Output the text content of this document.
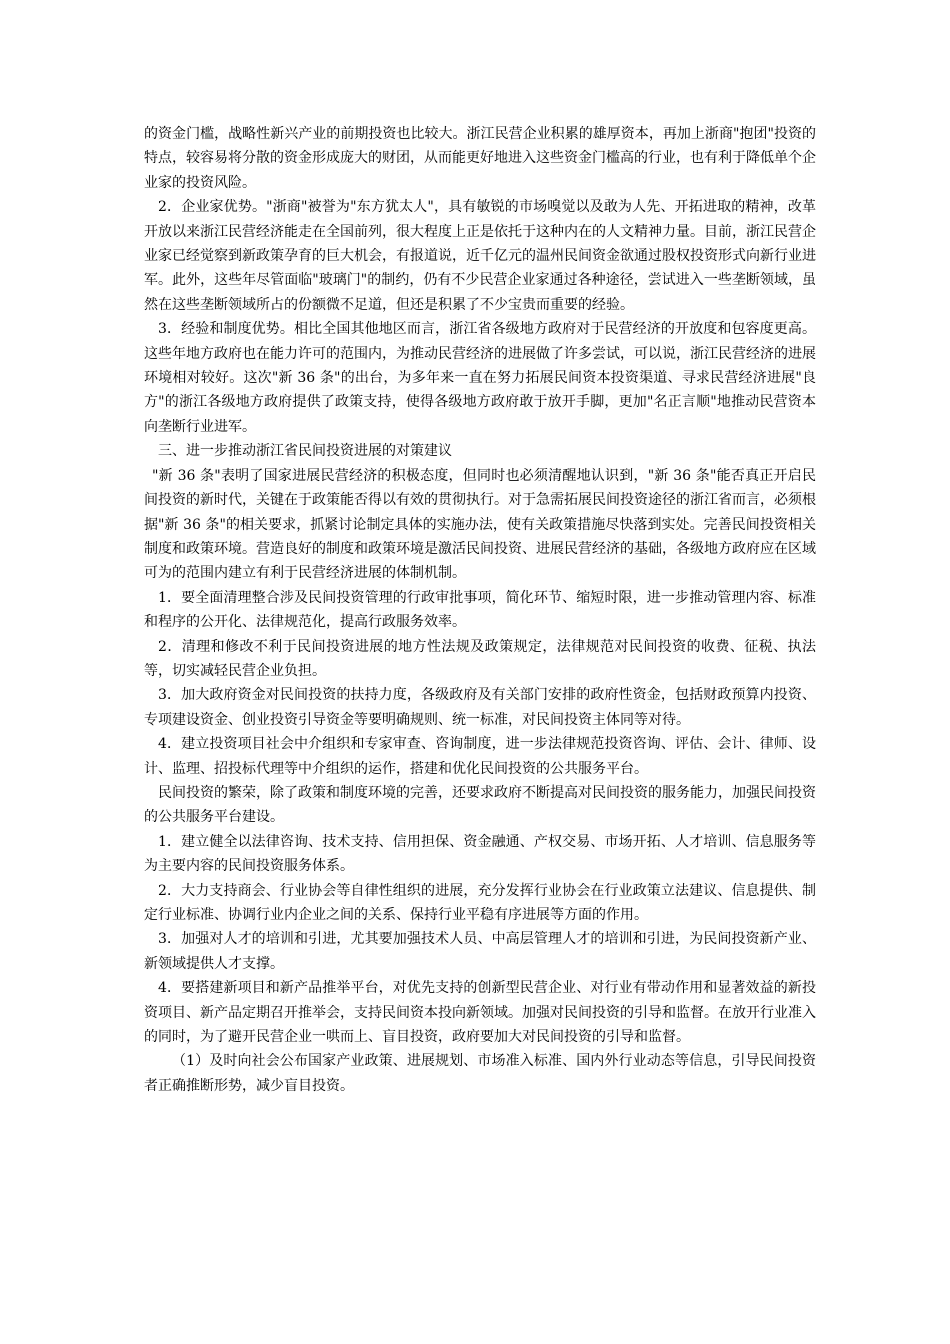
的资金门槛，战略性新兴产业的前期投资也比较大。浙江民营企业积累的雄厚资本，再加上浙商"抱团"投资的特点，较容易将分散的资金形成庞大的财团，从而能更好地进入这些资金门槛高的行业，也有利于降低单个企业家的投资风险。

2．企业家优势。"浙商"被誉为"东方犹太人"，具有敏锐的市场嗅觉以及敢为人先、开拓进取的精神，改革开放以来浙江民营经济能走在全国前列，很大程度上正是依托于这种内在的人文精神力量。目前，浙江民营企业家已经觉察到新政策孕育的巨大机会，有报道说，近千亿元的温州民间资金欲通过股权投资形式向新行业进军。此外，这些年尽管面临"玻璃门"的制约，仍有不少民营企业家通过各种途径，尝试进入一些垄断领域，虽然在这些垄断领域所占的份额微不足道，但还是积累了不少宝贵而重要的经验。

3．经验和制度优势。相比全国其他地区而言，浙江省各级地方政府对于民营经济的开放度和包容度更高。这些年地方政府也在能力许可的范围内，为推动民营经济的进展做了许多尝试，可以说，浙江民营经济的进展环境相对较好。这次"新 36 条"的出台，为多年来一直在努力拓展民间资本投资渠道、寻求民营经济进展"良方"的浙江各级地方政府提供了政策支持，使得各级地方政府敢于放开手脚，更加"名正言顺"地推动民营资本向垄断行业进军。

三、进一步推动浙江省民间投资进展的对策建议

"新 36 条"表明了国家进展民营经济的积极态度，但同时也必须清醒地认识到，"新 36 条"能否真正开启民间投资的新时代，关键在于政策能否得以有效的贯彻执行。对于急需拓展民间投资途径的浙江省而言，必须根据"新 36 条"的相关要求，抓紧讨论制定具体的实施办法，使有关政策措施尽快落到实处。完善民间投资相关制度和政策环境。营造良好的制度和政策环境是激活民间投资、进展民营经济的基础，各级地方政府应在区域可为的范围内建立有利于民营经济进展的体制机制。

1．要全面清理整合涉及民间投资管理的行政审批事项，简化环节、缩短时限，进一步推动管理内容、标准和程序的公开化、法律规范化，提高行政服务效率。

2．清理和修改不利于民间投资进展的地方性法规及政策规定，法律规范对民间投资的收费、征税、执法等，切实减轻民营企业负担。

3．加大政府资金对民间投资的扶持力度，各级政府及有关部门安排的政府性资金，包括财政预算内投资、专项建设资金、创业投资引导资金等要明确规则、统一标准，对民间投资主体同等对待。

4．建立投资项目社会中介组织和专家审查、咨询制度，进一步法律规范投资咨询、评估、会计、律师、设计、监理、招投标代理等中介组织的运作，搭建和优化民间投资的公共服务平台。

民间投资的繁荣，除了政策和制度环境的完善，还要求政府不断提高对民间投资的服务能力，加强民间投资的公共服务平台建设。

1．建立健全以法律咨询、技术支持、信用担保、资金融通、产权交易、市场开拓、人才培训、信息服务等为主要内容的民间投资服务体系。

2．大力支持商会、行业协会等自律性组织的进展，充分发挥行业协会在行业政策立法建议、信息提供、制定行业标准、协调行业内企业之间的关系、保持行业平稳有序进展等方面的作用。

3．加强对人才的培训和引进，尤其要加强技术人员、中高层管理人才的培训和引进，为民间投资新产业、新领域提供人才支撑。

4．要搭建新项目和新产品推举平台，对优先支持的创新型民营企业、对行业有带动作用和显著效益的新投资项目、新产品定期召开推举会，支持民间资本投向新领域。加强对民间投资的引导和监督。在放开行业准入的同时，为了避开民营企业一哄而上、盲目投资，政府要加大对民间投资的引导和监督。

（1）及时向社会公布国家产业政策、进展规划、市场准入标准、国内外行业动态等信息，引导民间投资者正确推断形势，减少盲目投资。
